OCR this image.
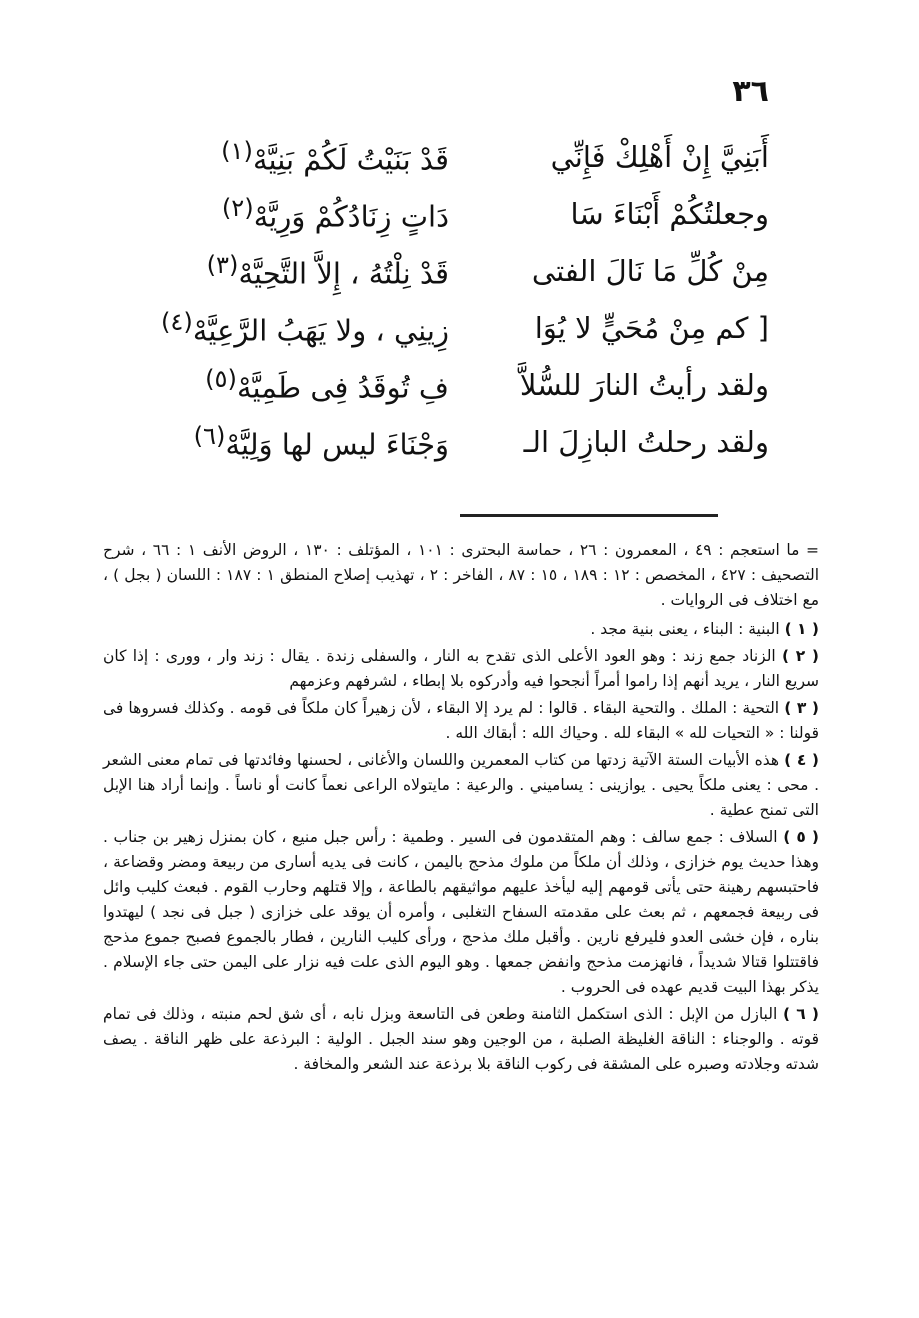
٣٦
أَبَنِيَّ إِنْ أَهْلِكْ فَإِنِّي
قَدْ بَنَيْتُ لَكُمْ بَنِيَّهْ$^{(١)}$
وجعلتُكُمْ أَبْنَاءَ سَا
دَاتٍ زِنَادُكُمْ وَرِيَّهْ$^{(٢)}$
مِنْ كُلِّ مَا نَالَ الفتى
قَدْ نِلْتُهُ ، إِلاَّ التَّحِيَّهْ$^{(٣)}$
[ كم مِنْ مُحَيٍّ لا يُوَا
زِينِي ، ولا يَهَبُ الرَّعِيَّهْ$^{(٤)}$
ولقد رأيتُ النارَ للسُّلاَّ
فِ تُوقَدُ فِى طَمِيَّهْ$^{(٥)}$
ولقد رحلتُ البازِلَ الـ
وَجْنَاءَ ليس لها وَلِيَّهْ$^{(٦)}$

= ما استعجم : ٤٩ ، المعمرون : ٢٦ ، حماسة البحترى : ١٠١ ، المؤتلف : ١٣٠ ، الروض الأنف ١ : ٦٦ ، شرح التصحيف : ٤٢٧ ، المخصص : ١٢ : ١٨٩ ، ١٥ : ٨٧ ، الفاخر : ٢ ، تهذيب إصلاح المنطق ١ : ١٨٧ : اللسان ( بجل ) ، مع اختلاف فى الروايات .

( ١ ) البنية : البناء ، يعنى بنية مجد .

( ٢ ) الزناد جمع زند : وهو العود الأعلى الذى تقدح به النار ، والسفلى زندة . يقال : زند وار ، وورى : إذا كان سريع النار ، يريد أنهم إذا راموا أمراً أنجحوا فيه وأدركوه بلا إبطاء ، لشرفهم وعزمهم

( ٣ ) التحية : الملك . والتحية البقاء . قالوا : لم يرد إلا البقاء ، لأن زهيراً كان ملكاً فى قومه . وكذلك فسروها فى قولنا : « التحيات لله » البقاء لله . وحياك الله : أبقاك الله .

( ٤ ) هذه الأبيات الستة الآتية زدتها من كتاب المعمرين واللسان والأغانى ، لحسنها وفائدتها فى تمام معنى الشعر . محى : يعنى ملكاً يحيى . يوازينى : يساميني . والرعية : مايتولاه الراعى نعماً كانت أو ناساً . وإنما أراد هنا الإبل التى تمنح عطية .

( ٥ ) السلاف : جمع سالف : وهم المتقدمون فى السير . وطمية : رأس جبل منيع ، كان بمنزل زهير بن جناب . وهذا حديث يوم خزازى ، وذلك أن ملكاً من ملوك مذحج باليمن ، كانت فى يديه أسارى من ربيعة ومضر وقضاعة ، فاحتبسهم رهينة حتى يأتى قومهم إليه ليأخذ عليهم مواثيقهم بالطاعة ، وإلا قتلهم وحارب القوم . فبعث كليب وائل فى ربيعة فجمعهم ، ثم بعث على مقدمته السفاح التغلبى ، وأمره أن يوقد على خزازى ( جبل فى نجد ) ليهتدوا بناره ، فإن خشى العدو فليرفع نارين . وأقبل ملك مذحج ، ورأى كليب النارين ، فطار بالجموع فصبح جموع مذحج فاقتتلوا قتالا شديداً ، فانهزمت مذحج وانفض جمعها . وهو اليوم الذى علت فيه نزار على اليمن حتى جاء الإسلام . يذكر بهذا البيت قديم عهده فى الحروب .

( ٦ ) البازل من الإبل : الذى استكمل الثامنة وطعن فى التاسعة وبزل نابه ، أى شق لحم منبته ، وذلك فى تمام قوته . والوجناء : الناقة الغليظة الصلبة ، من الوجين وهو سند الجبل . الولية : البرذعة على ظهر الناقة . يصف شدته وجلادته وصبره على المشقة فى ركوب الناقة بلا برذعة عند الشعر والمخافة .
